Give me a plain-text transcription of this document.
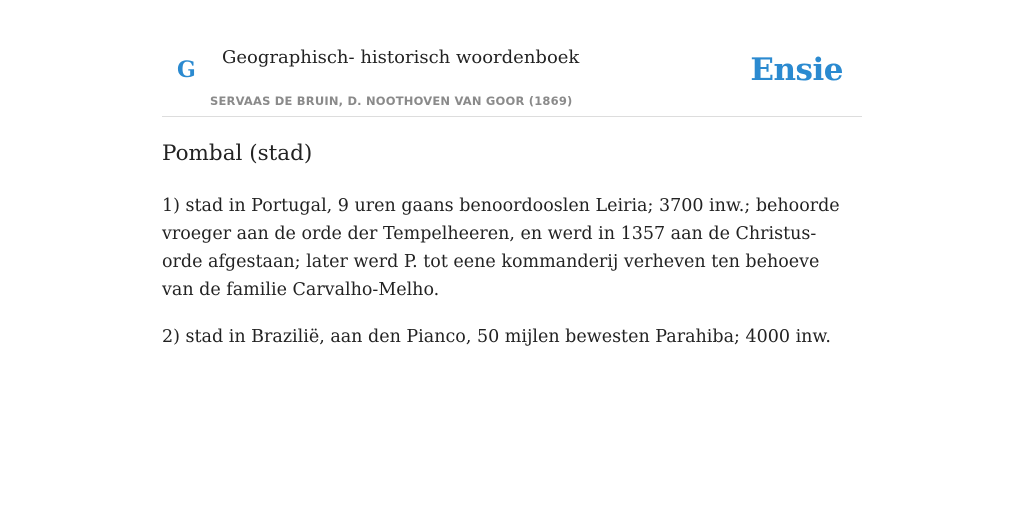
G Geographisch- historisch woordenboek
SERVAAS DE BRUIN, D. NOOTHOVEN VAN GOOR (1869)
Ensie
Pombal (stad)

1) stad in Portugal, 9 uren gaans benoordooslen Leiria; 3700 inw.; behoorde vroeger aan de orde der Tempelheeren, en werd in 1357 aan de Christus-orde afgestaan; later werd P. tot eene kommanderij verheven ten behoeve van de familie Carvalho-Melho.

2) stad in Brazilië, aan den Pianco, 50 mijlen bewesten Parahiba; 4000 inw.
